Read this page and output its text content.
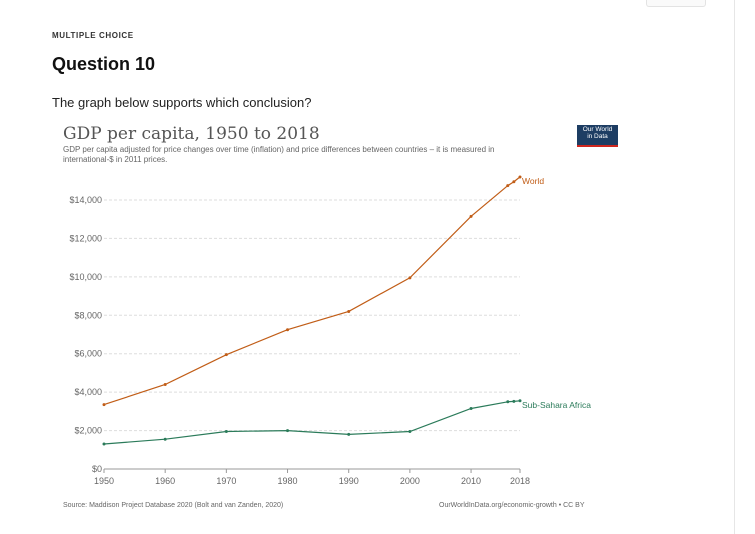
MULTIPLE CHOICE
Question 10
The graph below supports which conclusion?
GDP per capita, 1950 to 2018
GDP per capita adjusted for price changes over time (inflation) and price differences between countries – it is measured in international-$ in 2011 prices.
Our World
in Data
$0
$2,000
$4,000
$6,000
$8,000
$10,000
$12,000
$14,000
1950	1960	1970	1980	1990	2000	2010	2018
World
Sub-Sahara Africa
Source: Maddison Project Database 2020 (Bolt and van Zanden, 2020)	OurWorldInData.org/economic-growth • CC BY
